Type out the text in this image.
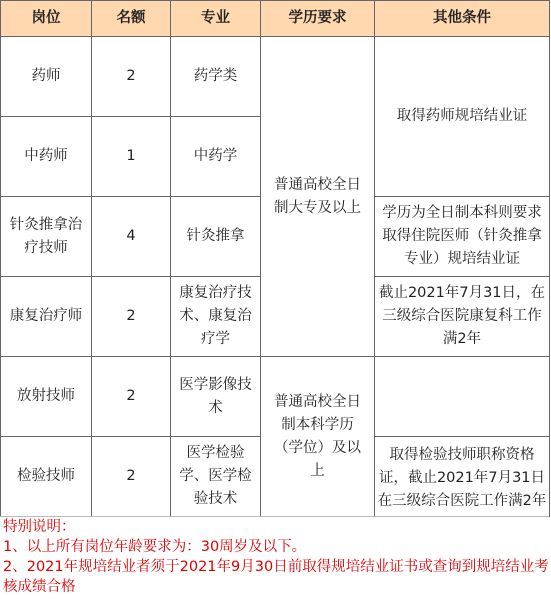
岗位	名额	专业	学历要求	其他条件
药师	2	药学类	普通高校全日制大专及以上	取得药师规培结业证
中药师	1	中药学		
针灸推拿治疗技师	4	针灸推拿		学历为全日制本科则要求取得住院医师（针灸推拿专业）规培结业证
康复治疗师	2	康复治疗技术、康复治疗学		截止2021年7月31日，在三级综合医院康复科工作满2年
放射技师	2	医学影像技术	普通高校全日制本科学历（学位）及以上	
检验技师	2	医学检验学、医学检验技术		取得检验技师职称资格证，截止2021年7月31日在三级综合医院工作满2年
特别说明：
1、以上所有岗位年龄要求为：30周岁及以下。
2、2021年规培结业者须于2021年9月30日前取得规培结业证书或查询到规培结业考核成绩合格
